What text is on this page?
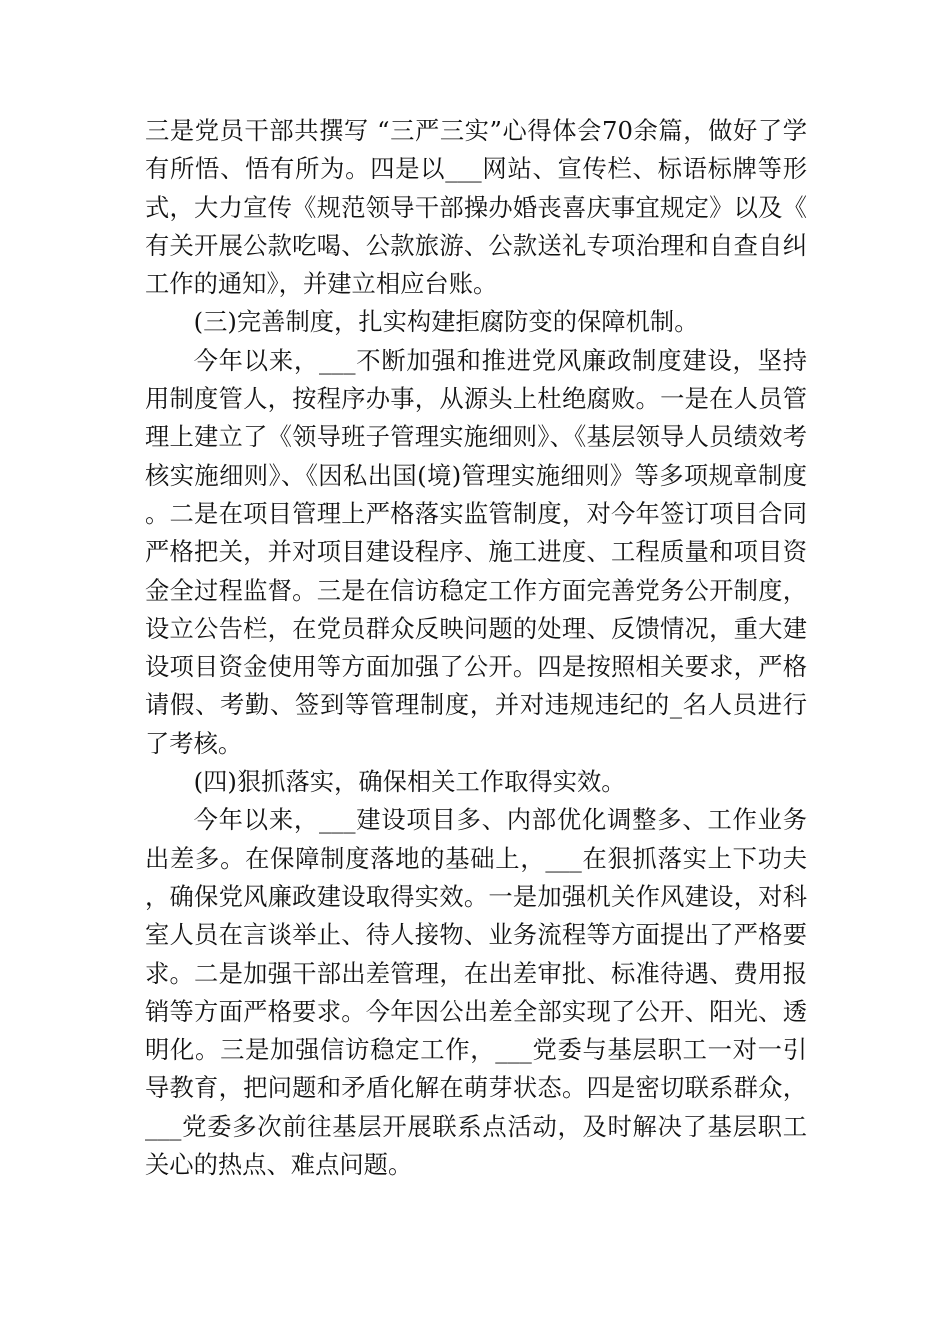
三是党员干部共撰写 “三严三实”心得体会70余篇，做好了学有所悟、悟有所为。四是以___网站、宣传栏、标语标牌等形式，大力宣传《规范领导干部操办婚丧喜庆事宜规定》以及《有关开展公款吃喝、公款旅游、公款送礼专项治理和自查自纠工作的通知》，并建立相应台账。

(三)完善制度，扎实构建拒腐防变的保障机制。

今年以来，___不断加强和推进党风廉政制度建设，坚持用制度管人，按程序办事，从源头上杜绝腐败。一是在人员管理上建立了《领导班子管理实施细则》、《基层领导人员绩效考核实施细则》、《因私出国(境)管理实施细则》等多项规章制度。二是在项目管理上严格落实监管制度，对今年签订项目合同严格把关，并对项目建设程序、施工进度、工程质量和项目资金全过程监督。三是在信访稳定工作方面完善党务公开制度，设立公告栏，在党员群众反映问题的处理、反馈情况，重大建设项目资金使用等方面加强了公开。四是按照相关要求，严格请假、考勤、签到等管理制度，并对违规违纪的_名人员进行了考核。

(四)狠抓落实，确保相关工作取得实效。

今年以来，___建设项目多、内部优化调整多、工作业务出差多。在保障制度落地的基础上，___在狠抓落实上下功夫，确保党风廉政建设取得实效。一是加强机关作风建设，对科室人员在言谈举止、待人接物、业务流程等方面提出了严格要求。二是加强干部出差管理，在出差审批、标准待遇、费用报销等方面严格要求。今年因公出差全部实现了公开、阳光、透明化。三是加强信访稳定工作，___党委与基层职工一对一引导教育，把问题和矛盾化解在萌芽状态。四是密切联系群众，___党委多次前往基层开展联系点活动，及时解决了基层职工关心的热点、难点问题。
